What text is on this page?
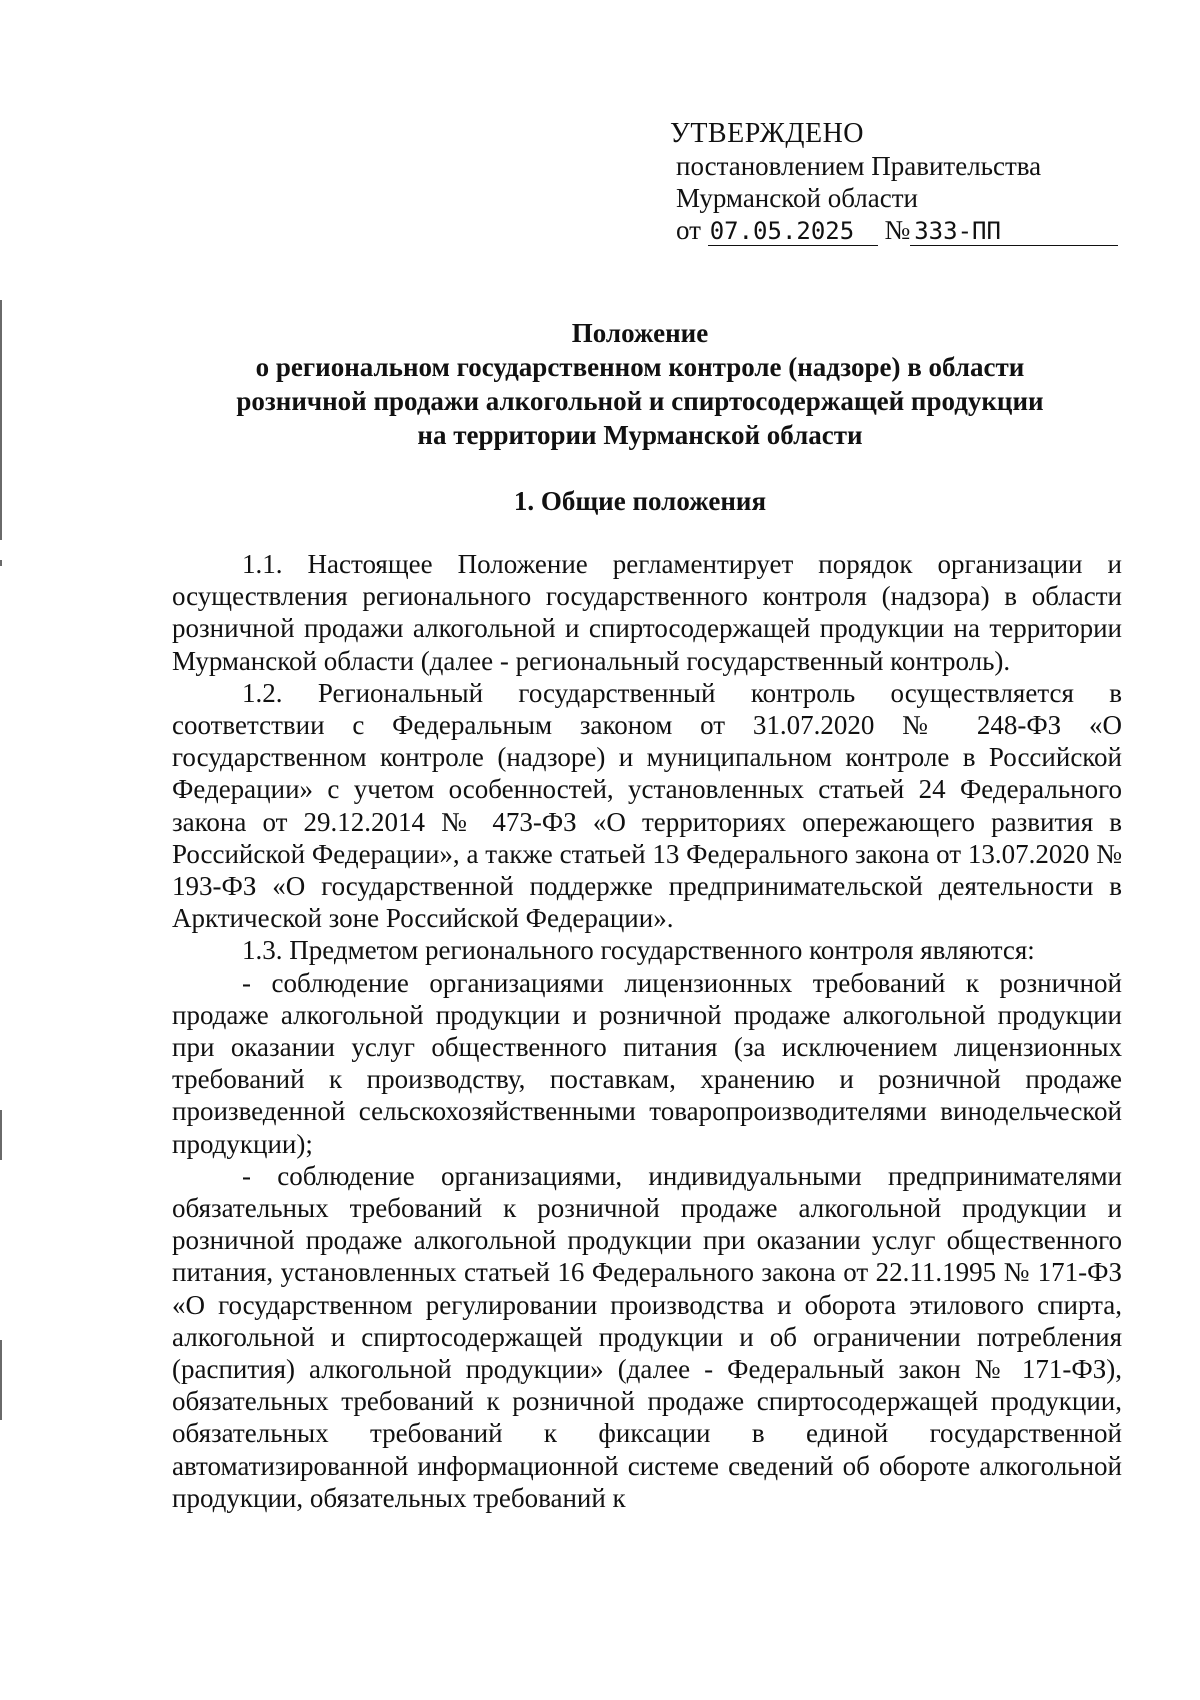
УТВЕРЖДЕНО
постановлением Правительства
Мурманской области
от 07.05.2025 № 333-ПП
Положение
о региональном государственном контроле (надзоре) в области
розничной продажи алкогольной и спиртосодержащей продукции
на территории Мурманской области
1. Общие положения

1.1. Настоящее Положение регламентирует порядок организации и осуществления регионального государственного контроля (надзора) в области розничной продажи алкогольной и спиртосодержащей продукции на территории Мурманской области (далее - региональный государственный контроль).

1.2. Региональный государственный контроль осуществляется в соответствии с Федеральным законом от 31.07.2020 № 248-ФЗ «О государственном контроле (надзоре) и муниципальном контроле в Российской Федерации» с учетом особенностей, установленных статьей 24 Федерального закона от 29.12.2014 № 473-ФЗ «О территориях опережающего развития в Российской Федерации», а также статьей 13 Федерального закона от 13.07.2020 № 193-ФЗ «О государственной поддержке предпринимательской деятельности в Арктической зоне Российской Федерации».

1.3. Предметом регионального государственного контроля являются:

- соблюдение организациями лицензионных требований к розничной продаже алкогольной продукции и розничной продаже алкогольной продукции при оказании услуг общественного питания (за исключением лицензионных требований к производству, поставкам, хранению и розничной продаже произведенной сельскохозяйственными товаропроизводителями винодельческой продукции);

- соблюдение организациями, индивидуальными предпринимателями обязательных требований к розничной продаже алкогольной продукции и розничной продаже алкогольной продукции при оказании услуг общественного питания, установленных статьей 16 Федерального закона от 22.11.1995 № 171-ФЗ «О государственном регулировании производства и оборота этилового спирта, алкогольной и спиртосодержащей продукции и об ограничении потребления (распития) алкогольной продукции» (далее - Федеральный закон № 171-ФЗ), обязательных требований к розничной продаже спиртосодержащей продукции, обязательных требований к фиксации в единой государственной автоматизированной информационной системе сведений об обороте алкогольной продукции, обязательных требований к
